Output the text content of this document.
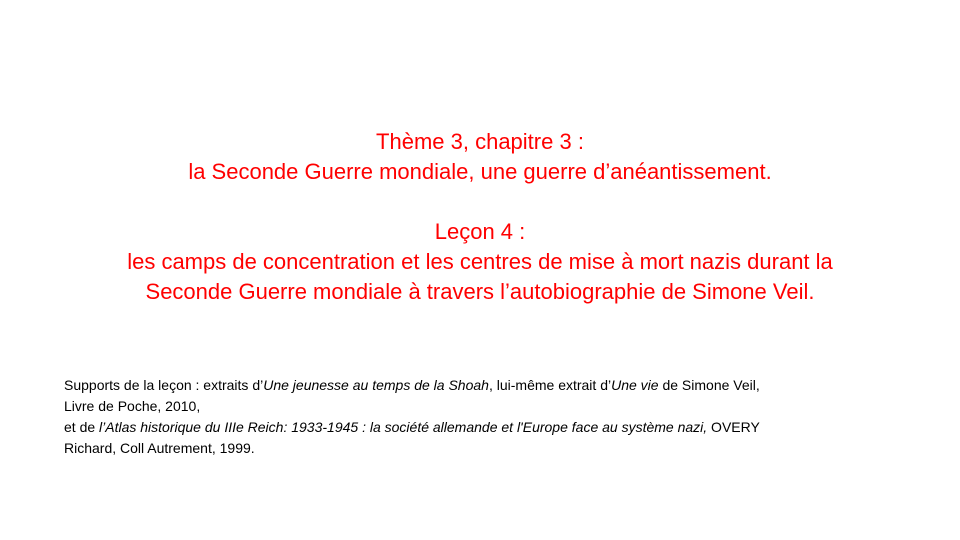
Thème 3, chapitre 3 :
la Seconde Guerre mondiale, une guerre d’anéantissement.
Leçon 4 :
les camps de concentration et les centres de mise à mort nazis durant la
Seconde Guerre mondiale à travers l’autobiographie de Simone Veil.
Supports de la leçon : extraits d’Une jeunesse au temps de la Shoah, lui-même extrait d’Une vie de Simone Veil,
Livre de Poche, 2010,
et de l’Atlas historique du IIIe Reich: 1933-1945 : la société allemande et l'Europe face au système nazi, OVERY
Richard, Coll Autrement, 1999.
